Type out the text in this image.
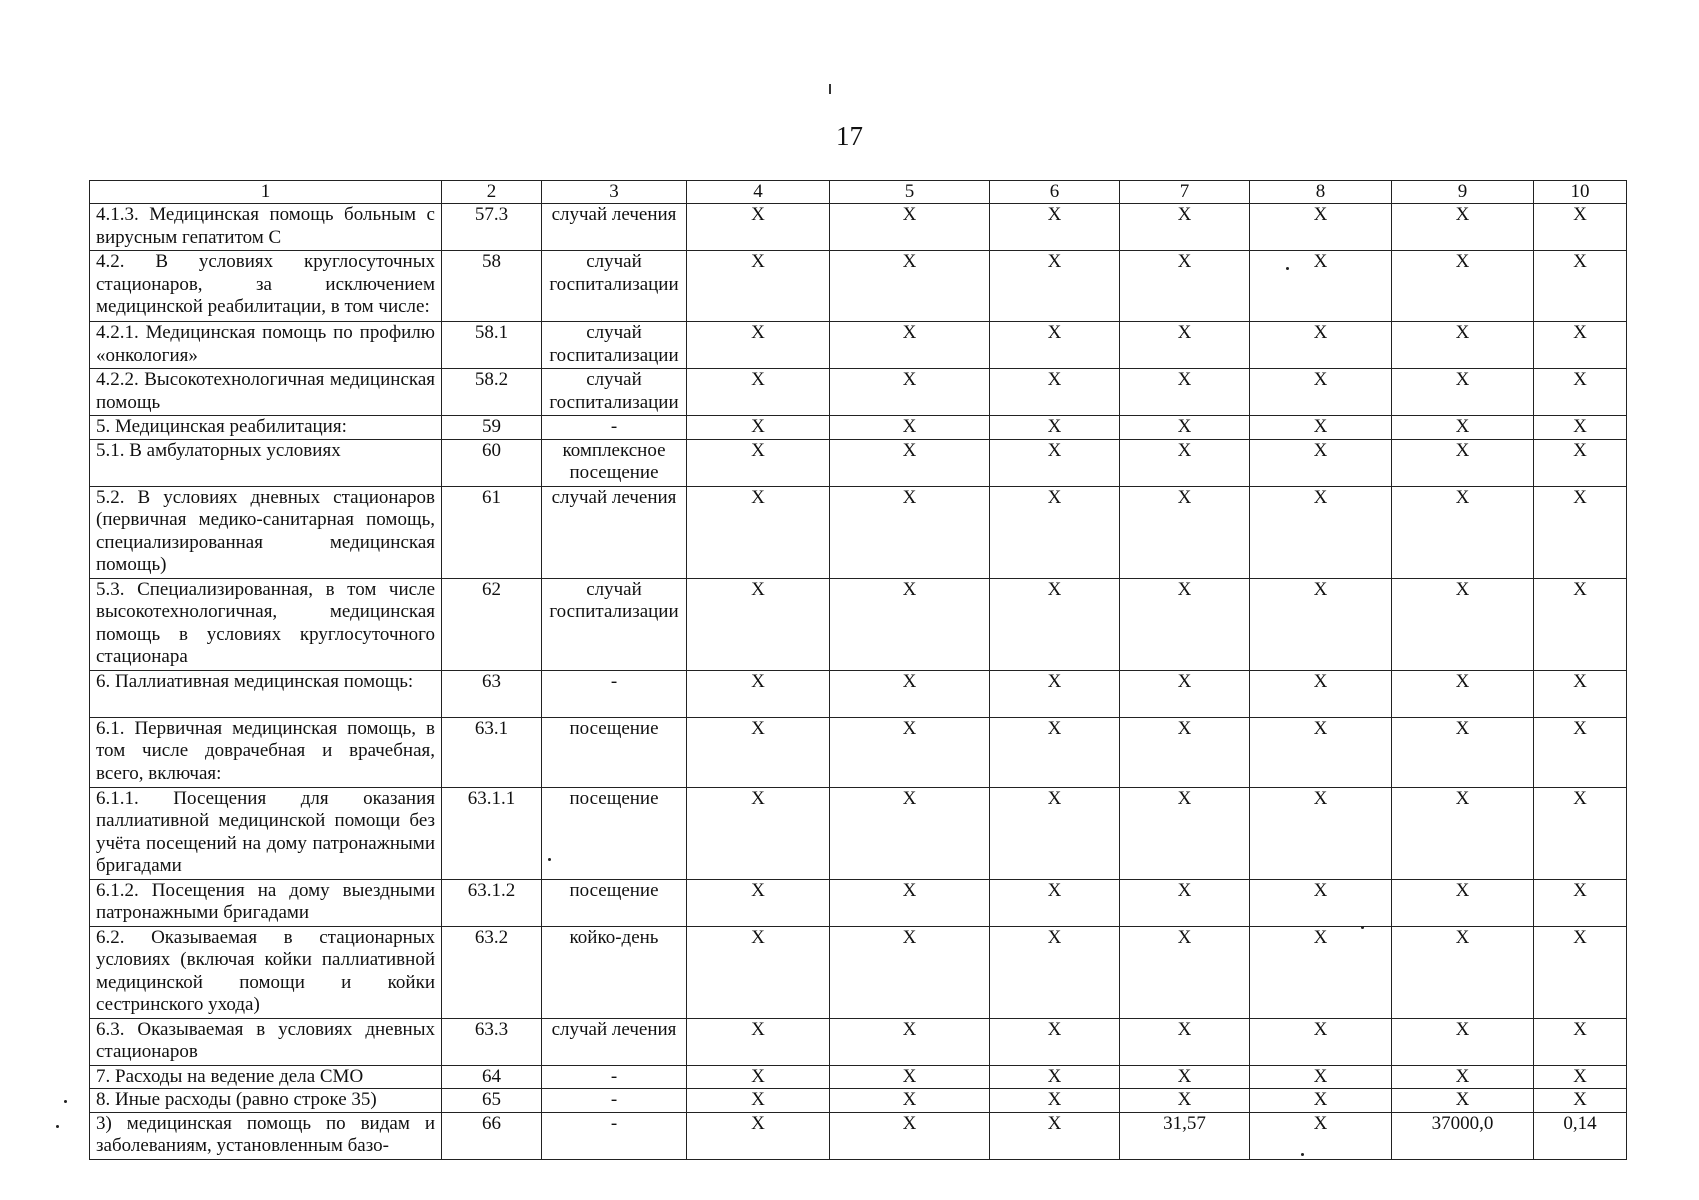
17
1	2	3	4	5	6	7	8	9	10
4.1.3. Медицинская помощь больным с вирусным гепатитом С	57.3	случай лечения	X	X	X	X	X	X	X
4.2. В условиях круглосуточных стационаров, за исключением медицинской реабилитации, в том числе:	58	случай госпитализации	X	X	X	X	X	X	X
4.2.1. Медицинская помощь по профилю «онкология»	58.1	случай госпитализации	X	X	X	X	X	X	X
4.2.2. Высокотехнологичная медицинская помощь	58.2	случай госпитализации	X	X	X	X	X	X	X
5. Медицинская реабилитация:	59	-	X	X	X	X	X	X	X
5.1. В амбулаторных условиях	60	комплексное посещение	X	X	X	X	X	X	X
5.2. В условиях дневных стационаров (первичная медико-санитарная помощь, специализированная медицинская помощь)	61	случай лечения	X	X	X	X	X	X	X
5.3. Специализированная, в том числе высокотехнологичная, медицинская помощь в условиях круглосуточного стационара	62	случай госпитализации	X	X	X	X	X	X	X
6. Паллиативная медицинская помощь:	63	-	X	X	X	X	X	X	X
6.1. Первичная медицинская помощь, в том числе доврачебная и врачебная, всего, включая:	63.1	посещение	X	X	X	X	X	X	X
6.1.1. Посещения для оказания паллиативной медицинской помощи без учёта посещений на дому патронажными бригадами	63.1.1	посещение	X	X	X	X	X	X	X
6.1.2. Посещения на дому выездными патронажными бригадами	63.1.2	посещение	X	X	X	X	X	X	X
6.2. Оказываемая в стационарных условиях (включая койки паллиативной медицинской помощи и койки сестринского ухода)	63.2	койко-день	X	X	X	X	X	X	X
6.3. Оказываемая в условиях дневных стационаров	63.3	случай лечения	X	X	X	X	X	X	X
7. Расходы на ведение дела СМО	64	-	X	X	X	X	X	X	X
8. Иные расходы (равно строке 35)	65	-	X	X	X	X	X	X	X
3) медицинская помощь по видам и заболеваниям, установленным базо-	66	-	X	X	X	31,57	X	37000,0	0,14
